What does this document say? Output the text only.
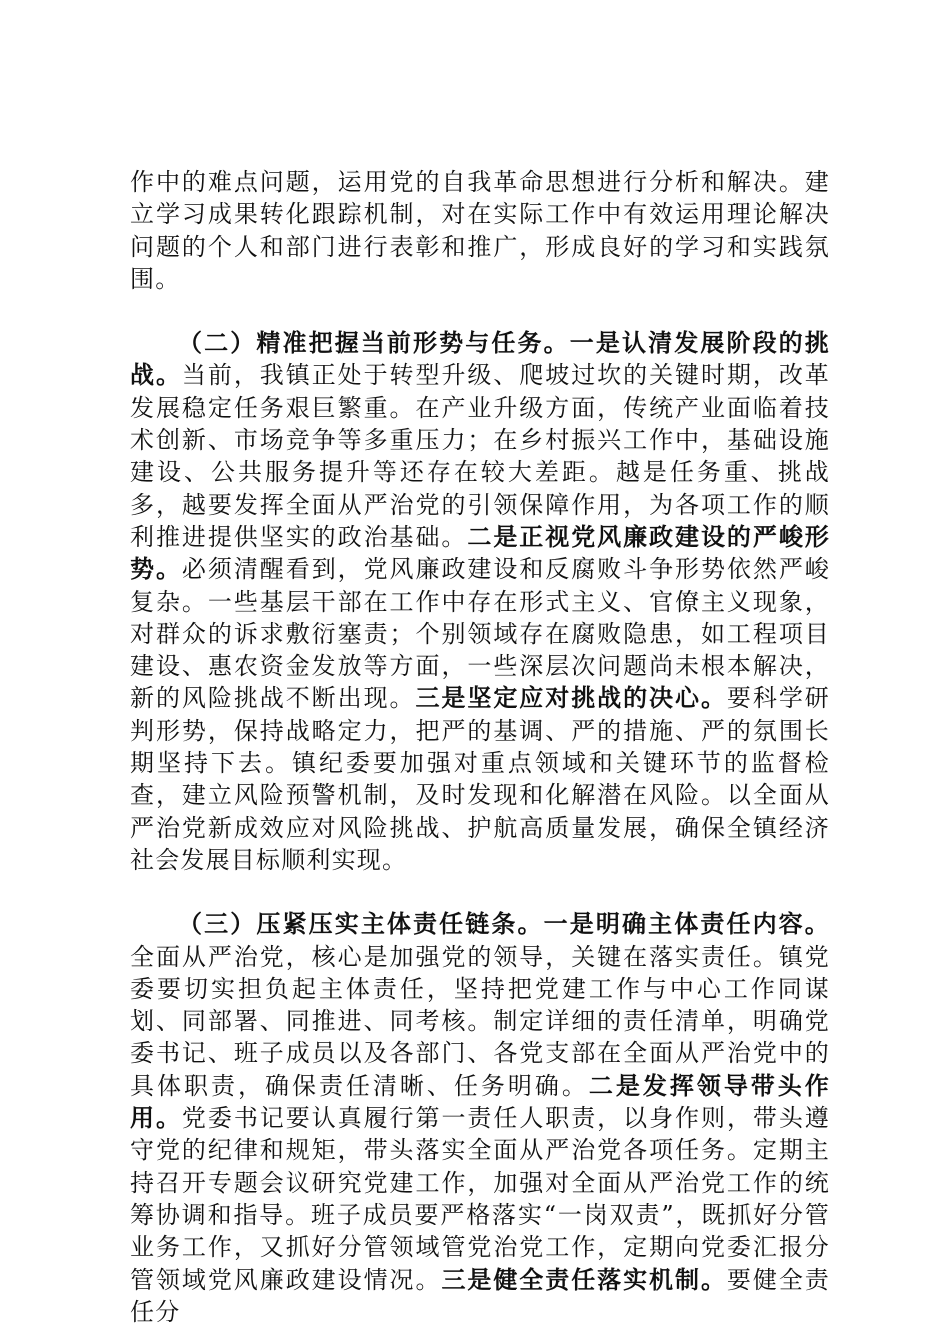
作中的难点问题，运用党的自我革命思想进行分析和解决。建立学习成果转化跟踪机制，对在实际工作中有效运用理论解决问题的个人和部门进行表彰和推广，形成良好的学习和实践氛围。

（二）精准把握当前形势与任务。一是认清发展阶段的挑战。当前，我镇正处于转型升级、爬坡过坎的关键时期，改革发展稳定任务艰巨繁重。在产业升级方面，传统产业面临着技术创新、市场竞争等多重压力；在乡村振兴工作中，基础设施建设、公共服务提升等还存在较大差距。越是任务重、挑战多，越要发挥全面从严治党的引领保障作用，为各项工作的顺利推进提供坚实的政治基础。二是正视党风廉政建设的严峻形势。必须清醒看到，党风廉政建设和反腐败斗争形势依然严峻复杂。一些基层干部在工作中存在形式主义、官僚主义现象，对群众的诉求敷衍塞责；个别领域存在腐败隐患，如工程项目建设、惠农资金发放等方面，一些深层次问题尚未根本解决，新的风险挑战不断出现。三是坚定应对挑战的决心。要科学研判形势，保持战略定力，把严的基调、严的措施、严的氛围长期坚持下去。镇纪委要加强对重点领域和关键环节的监督检查，建立风险预警机制，及时发现和化解潜在风险。以全面从严治党新成效应对风险挑战、护航高质量发展，确保全镇经济社会发展目标顺利实现。

（三）压紧压实主体责任链条。一是明确主体责任内容。全面从严治党，核心是加强党的领导，关键在落实责任。镇党委要切实担负起主体责任，坚持把党建工作与中心工作同谋划、同部署、同推进、同考核。制定详细的责任清单，明确党委书记、班子成员以及各部门、各党支部在全面从严治党中的具体职责，确保责任清晰、任务明确。二是发挥领导带头作用。党委书记要认真履行第一责任人职责，以身作则，带头遵守党的纪律和规矩，带头落实全面从严治党各项任务。定期主持召开专题会议研究党建工作，加强对全面从严治党工作的统筹协调和指导。班子成员要严格落实“一岗双责”，既抓好分管业务工作，又抓好分管领域管党治党工作，定期向党委汇报分管领域党风廉政建设情况。三是健全责任落实机制。要健全责任分
